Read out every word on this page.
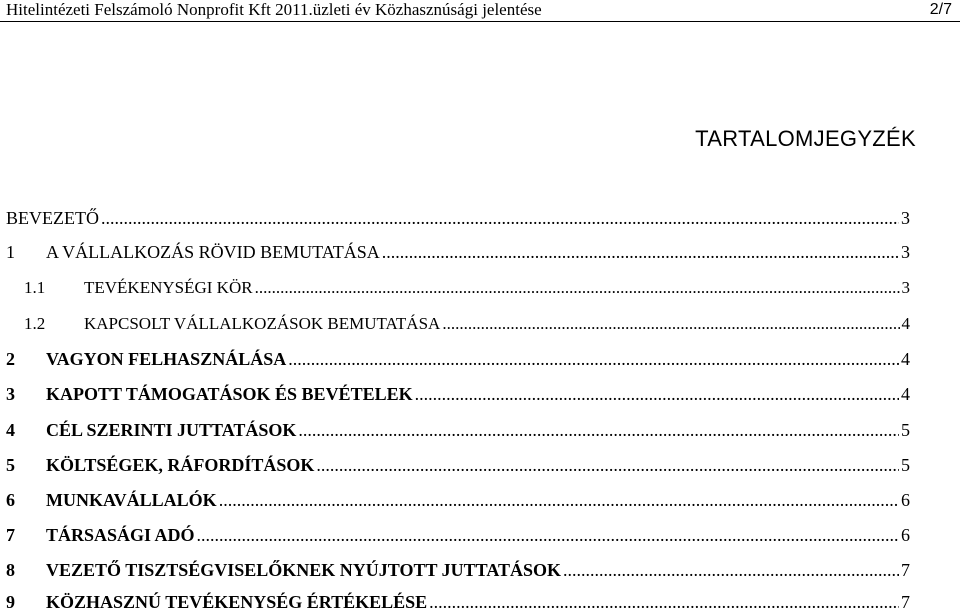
Hitelintézeti Felszámoló Nonprofit Kft 2011.üzleti év Közhasznúsági jelentése	2/7
TARTALOMJEGYZÉK
BEVEZETŐ .....	3
1	A VÁLLALKOZÁS RÖVID BEMUTATÁSA .....	3
1.1	TEVÉKENYSÉGI KÖR .....	3
1.2	KAPCSOLT VÁLLALKOZÁSOK BEMUTATÁSA .....	4
2	VAGYON FELHASZNÁLÁSA .....	4
3	KAPOTT TÁMOGATÁSOK ÉS BEVÉTELEK .....	4
4	CÉL SZERINTI JUTTATÁSOK .....	5
5	KÖLTSÉGEK, RÁFORDÍTÁSOK .....	5
6	MUNKAVÁLLALÓK .....	6
7	TÁRSASÁGI ADÓ .....	6
8	VEZETŐ TISZTSÉGVISELŐKNEK NYÚJTOTT JUTTATÁSOK .....	7
9	KÖZHASZNÚ TEVÉKENYSÉG ÉRTÉKELÉSE .....	7
